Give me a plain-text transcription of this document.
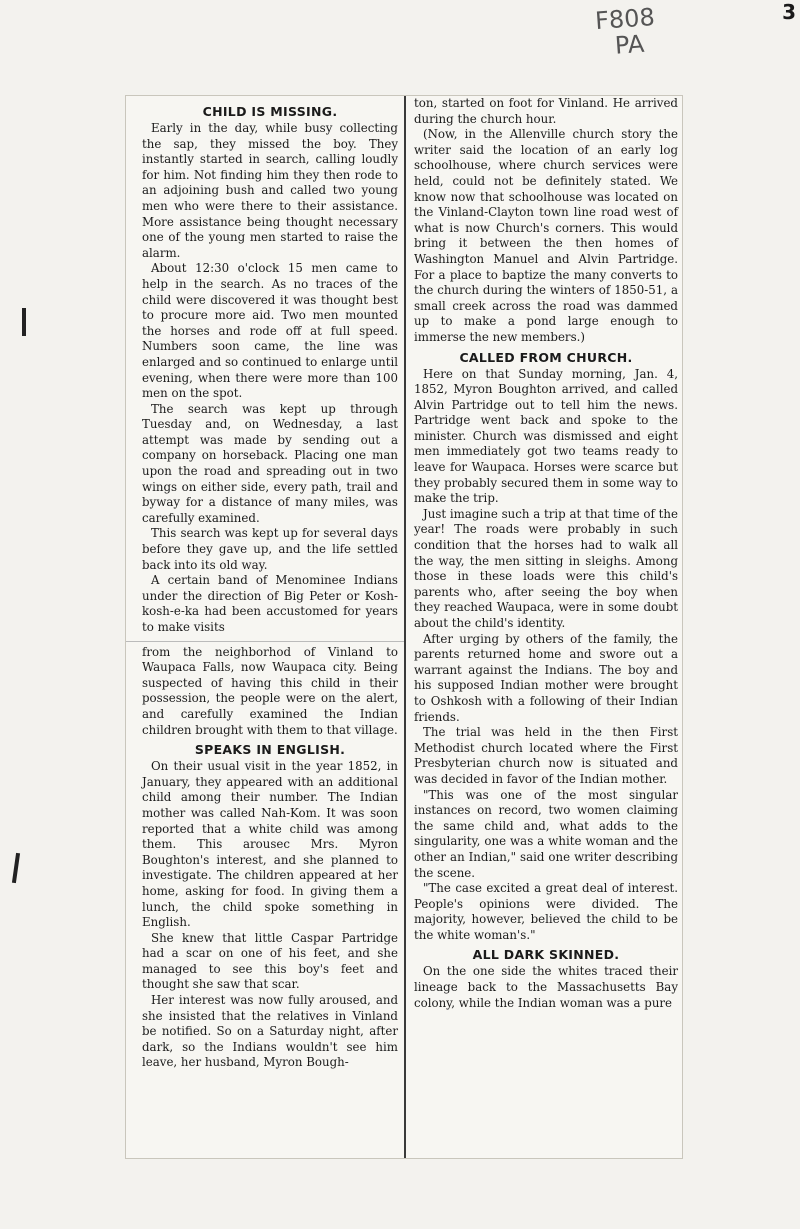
3
F808
PA
CHILD IS MISSING.

Early in the day, while busy collecting the sap, they missed the boy. They instantly started in search, calling loudly for him. Not finding him they then rode to an adjoining bush and called two young men who were there to their assistance. More assistance being thought necessary one of the young men started to raise the alarm.

About 12:30 o'clock 15 men came to help in the search. As no traces of the child were discovered it was thought best to procure more aid. Two men mounted the horses and rode off at full speed. Numbers soon came, the line was enlarged and so continued to enlarge until evening, when there were more than 100 men on the spot.

The search was kept up through Tuesday and, on Wednesday, a last attempt was made by sending out a company on horseback. Placing one man upon the road and spreading out in two wings on either side, every path, trail and byway for a distance of many miles, was carefully examined.

This search was kept up for several days before they gave up, and the life settled back into its old way.

A certain band of Menominee Indians under the direction of Big Peter or Kosh-kosh-e-ka had been accustomed for years to make visits

from the neighborhod of Vinland to Waupaca Falls, now Waupaca city. Being suspected of having this child in their possession, the people were on the alert, and carefully examined the Indian children brought with them to that village.

SPEAKS IN ENGLISH.

On their usual visit in the year 1852, in January, they appeared with an additional child among their number. The Indian mother was called Nah-Kom. It was soon reported that a white child was among them. This arousec Mrs. Myron Boughton's interest, and she planned to investigate. The children appeared at her home, asking for food. In giving them a lunch, the child spoke something in English.

She knew that little Caspar Partridge had a scar on one of his feet, and she managed to see this boy's feet and thought she saw that scar.

Her interest was now fully aroused, and she insisted that the relatives in Vinland be notified. So on a Saturday night, after dark, so the Indians wouldn't see him leave, her husband, Myron Bough-

ton, started on foot for Vinland. He arrived during the church hour.

(Now, in the Allenville church story the writer said the location of an early log schoolhouse, where church services were held, could not be definitely stated. We know now that schoolhouse was located on the Vinland-Clayton town line road west of what is now Church's corners. This would bring it between the then homes of Washington Manuel and Alvin Partridge. For a place to baptize the many converts to the church during the winters of 1850-51, a small creek across the road was dammed up to make a pond large enough to immerse the new members.)

CALLED FROM CHURCH.

Here on that Sunday morning, Jan. 4, 1852, Myron Boughton arrived, and called Alvin Partridge out to tell him the news. Partridge went back and spoke to the minister. Church was dismissed and eight men immediately got two teams ready to leave for Waupaca. Horses were scarce but they probably secured them in some way to make the trip.

Just imagine such a trip at that time of the year! The roads were probably in such condition that the horses had to walk all the way, the men sitting in sleighs. Among those in these loads were this child's parents who, after seeing the boy when they reached Waupaca, were in some doubt about the child's identity.

After urging by others of the family, the parents returned home and swore out a warrant against the Indians. The boy and his supposed Indian mother were brought to Oshkosh with a following of their Indian friends.

The trial was held in the then First Methodist church located where the First Presbyterian church now is situated and was decided in favor of the Indian mother.

"This was one of the most singular instances on record, two women claiming the same child and, what adds to the singularity, one was a white woman and the other an Indian," said one writer describing the scene.

"The case excited a great deal of interest. People's opinions were divided. The majority, however, believed the child to be the white woman's."

ALL DARK SKINNED.

On the one side the whites traced their lineage back to the Massachusetts Bay colony, while the Indian woman was a pure
